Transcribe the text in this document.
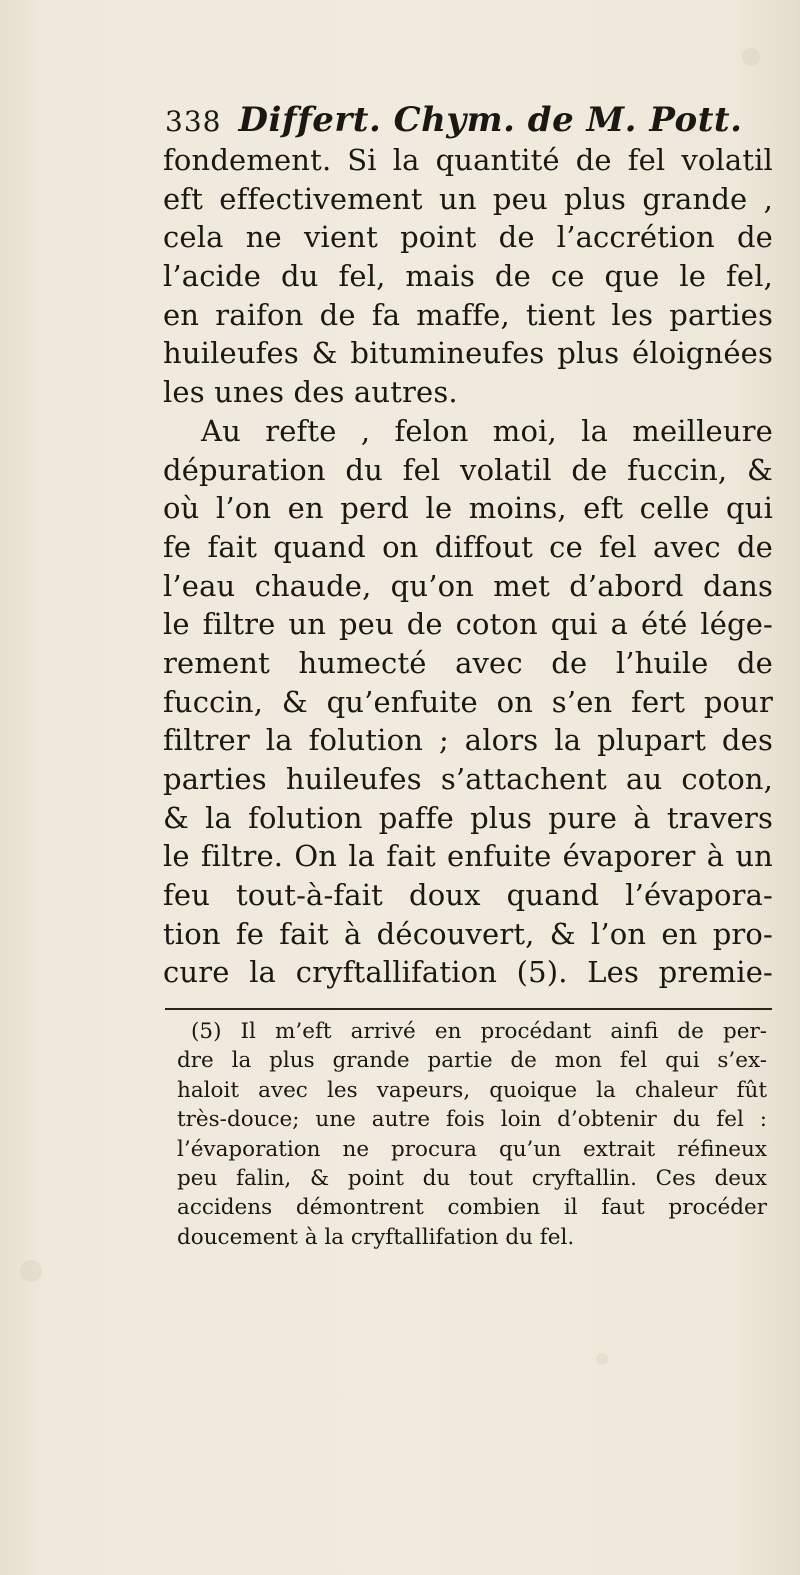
338 Differt. Chym. de M. Pott.
fondement. Si la quantité de fel volatil
eft effectivement un peu plus grande ,
cela ne vient point de l’accrétion de
l’acide du fel, mais de ce que le fel,
en raifon de fa maffe, tient les parties
huileufes & bitumineufes plus éloignées
les unes des autres.
Au refte , felon moi, la meilleure
dépuration du fel volatil de fuccin, &
où l’on en perd le moins, eft celle qui
fe fait quand on diffout ce fel avec de
l’eau chaude, qu’on met d’abord dans
le filtre un peu de coton qui a été lége-
rement humecté avec de l’huile de
fuccin, & qu’enfuite on s’en fert pour
filtrer la folution ; alors la plupart des
parties huileufes s’attachent au coton,
& la folution paffe plus pure à travers
le filtre. On la fait enfuite évaporer à un
feu tout-à-fait doux quand l’évapora-
tion fe fait à découvert, & l’on en pro-
cure la cryftallifation (5). Les premie-
(5) Il m’eft arrivé en procédant ainfi de per-
dre la plus grande partie de mon fel qui s’ex-
haloit avec les vapeurs, quoique la chaleur fût
très-douce; une autre fois loin d’obtenir du fel :
l’évaporation ne procura qu’un extrait réfineux
peu falin, & point du tout cryftallin. Ces deux
accidens démontrent combien il faut procéder
doucement à la cryftallifation du fel.
